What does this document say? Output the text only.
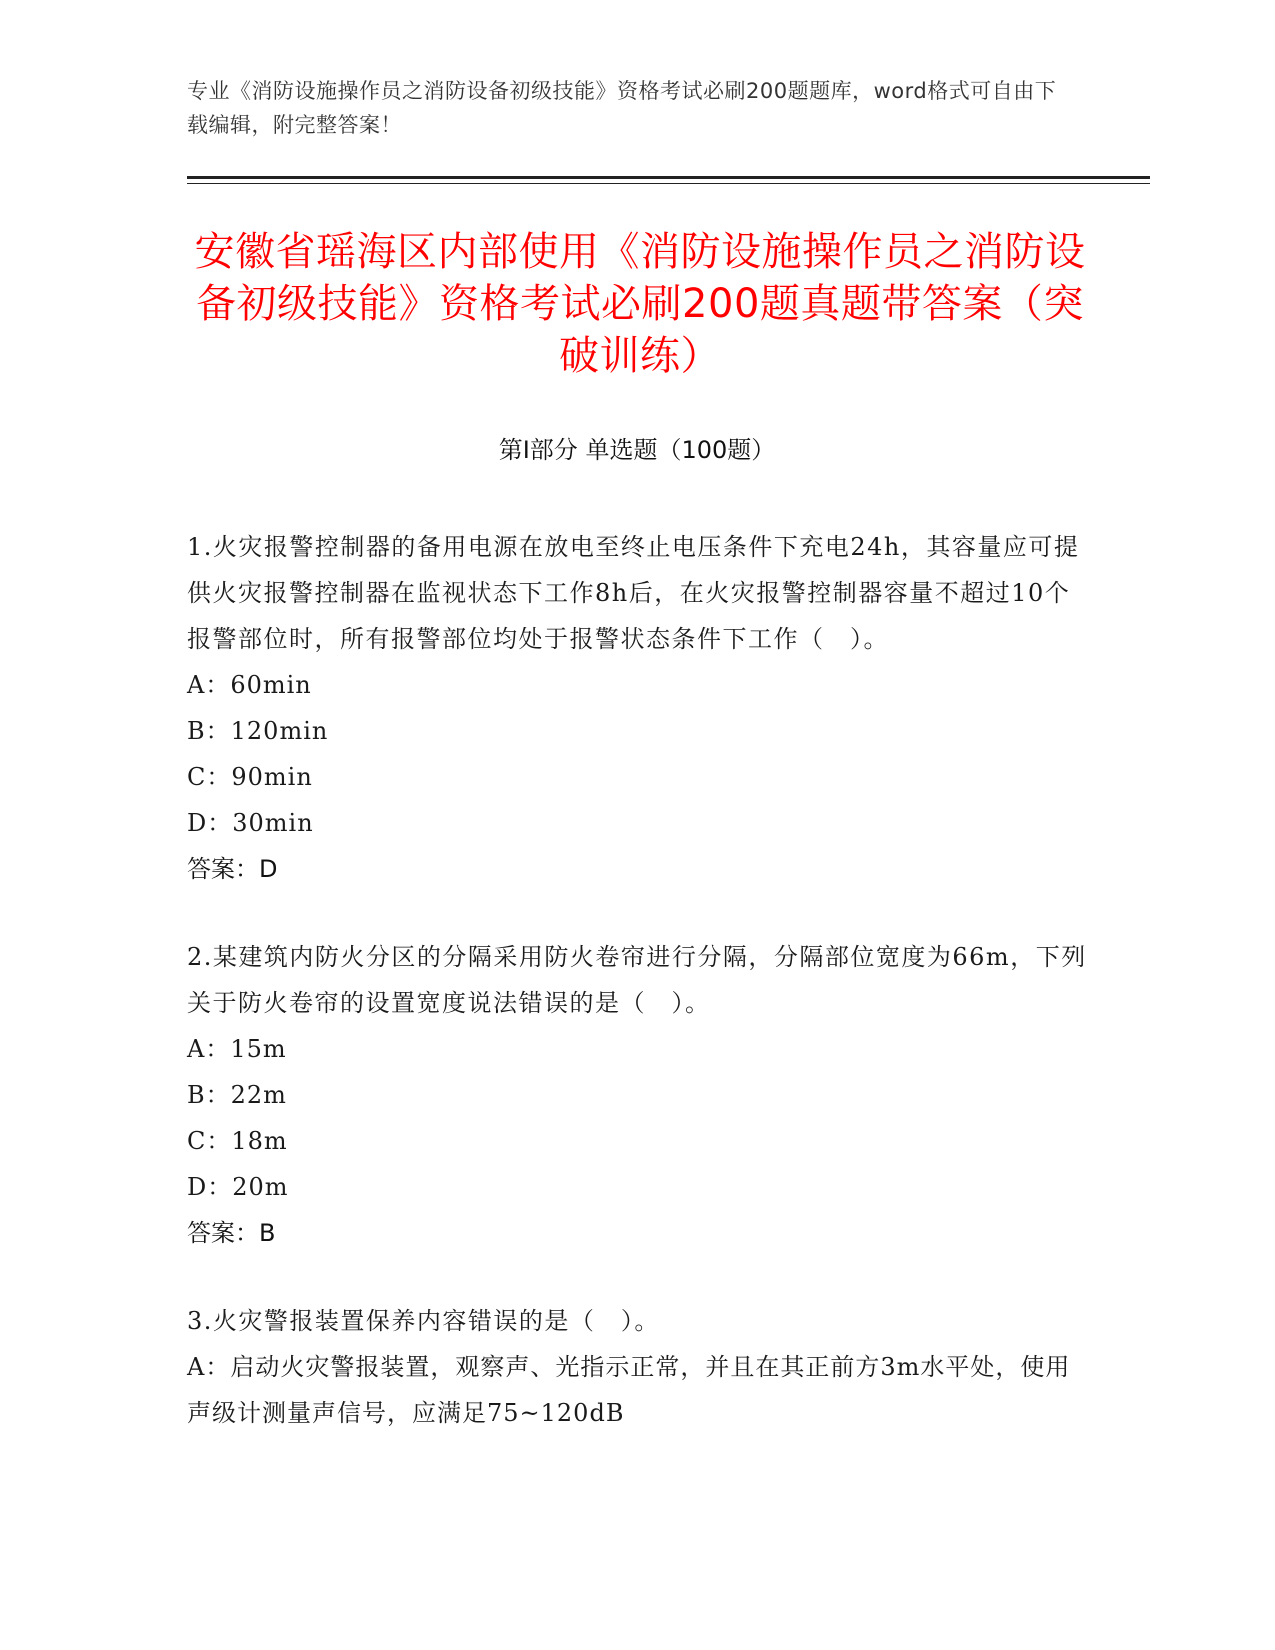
专业《消防设施操作员之消防设备初级技能》资格考试必刷200题题库，word格式可自由下载编辑，附完整答案！
安徽省瑶海区内部使用《消防设施操作员之消防设备初级技能》资格考试必刷200题真题带答案（突破训练）
第I部分 单选题（100题）
1.火灾报警控制器的备用电源在放电至终止电压条件下充电24h，其容量应可提供火灾报警控制器在监视状态下工作8h后，在火灾报警控制器容量不超过10个报警部位时，所有报警部位均处于报警状态条件下工作（　）。
A：60min
B：120min
C：90min
D：30min
答案：D
2.某建筑内防火分区的分隔采用防火卷帘进行分隔，分隔部位宽度为66m，下列关于防火卷帘的设置宽度说法错误的是（　）。
A：15m
B：22m
C：18m
D：20m
答案：B
3.火灾警报装置保养内容错误的是（　）。
A：启动火灾警报装置，观察声、光指示正常，并且在其正前方3m水平处，使用声级计测量声信号，应满足75~120dB
